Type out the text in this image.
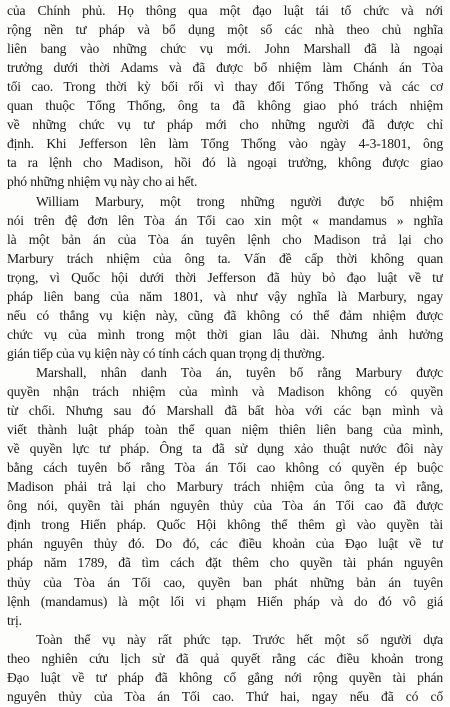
của Chính phủ. Họ thông qua một đạo luật tái tổ chức và nới
rộng nền tư pháp và bổ dụng một số các nhà theo chủ nghĩa
liên bang vào những chức vụ mới. John Marshall đã là ngoại
trưởng dưới thời Adams và đã được bổ nhiệm làm Chánh án Tòa
tối cao. Trong thời kỳ bối rối vì thay đổi Tổng Thống và các cơ
quan thuộc Tổng Thống, ông ta đã không giao phó trách nhiệm
về những chức vụ tư pháp mới cho những người đã được chỉ
định. Khi Jefferson lên làm Tổng Thống vào ngày 4-3-1801, ông
ta ra lệnh cho Madison, hồi đó là ngoại trưởng, không được giao
phó những nhiệm vụ này cho ai hết.
William Marbury, một trong những người được bổ nhiệm
nói trên đệ đơn lên Tòa án Tối cao xin một « mandamus » nghĩa
là một bản án của Tòa án tuyên lệnh cho Madison trả lại cho
Marbury trách nhiệm của ông ta. Vấn đề cấp thời không quan
trọng, vì Quốc hội dưới thời Jefferson đã hủy bỏ đạo luật về tư
pháp liên bang của năm 1801, và như vậy nghĩa là Marbury, ngay
nếu có thắng vụ kiện này, cũng đã không có thể đảm nhiệm được
chức vụ của mình trong một thời gian lâu dài. Nhưng ảnh hưởng
gián tiếp của vụ kiện này có tính cách quan trọng dị thường.
Marshall, nhân danh Tòa án, tuyên bố rằng Marbury được
quyền nhận trách nhiệm của mình và Madison không có quyền
từ chối. Nhưng sau đó Marshall đã bất hòa với các bạn mình và
viết thành luật pháp toàn thể quan niệm thiên liên bang của mình,
về quyền lực tư pháp. Ông ta đã sử dụng xảo thuật nước đôi này
bằng cách tuyên bố rằng Tòa án Tối cao không có quyền ép buộc
Madison phải trả lại cho Marbury trách nhiệm của ông ta vì rằng,
ông nói, quyền tài phán nguyên thủy của Tòa án Tối cao đã được
định trong Hiến pháp. Quốc Hội không thể thêm gì vào quyền tài
phán nguyên thủy đó. Do đó, các điều khoản của Đạo luật về tư
pháp năm 1789, đã tìm cách đặt thêm cho quyền tài phán nguyên
thủy của Tòa án Tối cao, quyền ban phát những bản án tuyên
lệnh (mandamus) là một lối vi phạm Hiến pháp và do đó vô giá
trị.
Toàn thể vụ này rất phức tạp. Trước hết một số người dựa
theo nghiên cứu lịch sử đã quả quyết rằng các điều khoản trong
Đạo luật về tư pháp đã không cố gắng nới rộng quyền tài phán
nguyên thủy của Tòa án Tối cao. Thứ hai, ngay nếu đã có cố
